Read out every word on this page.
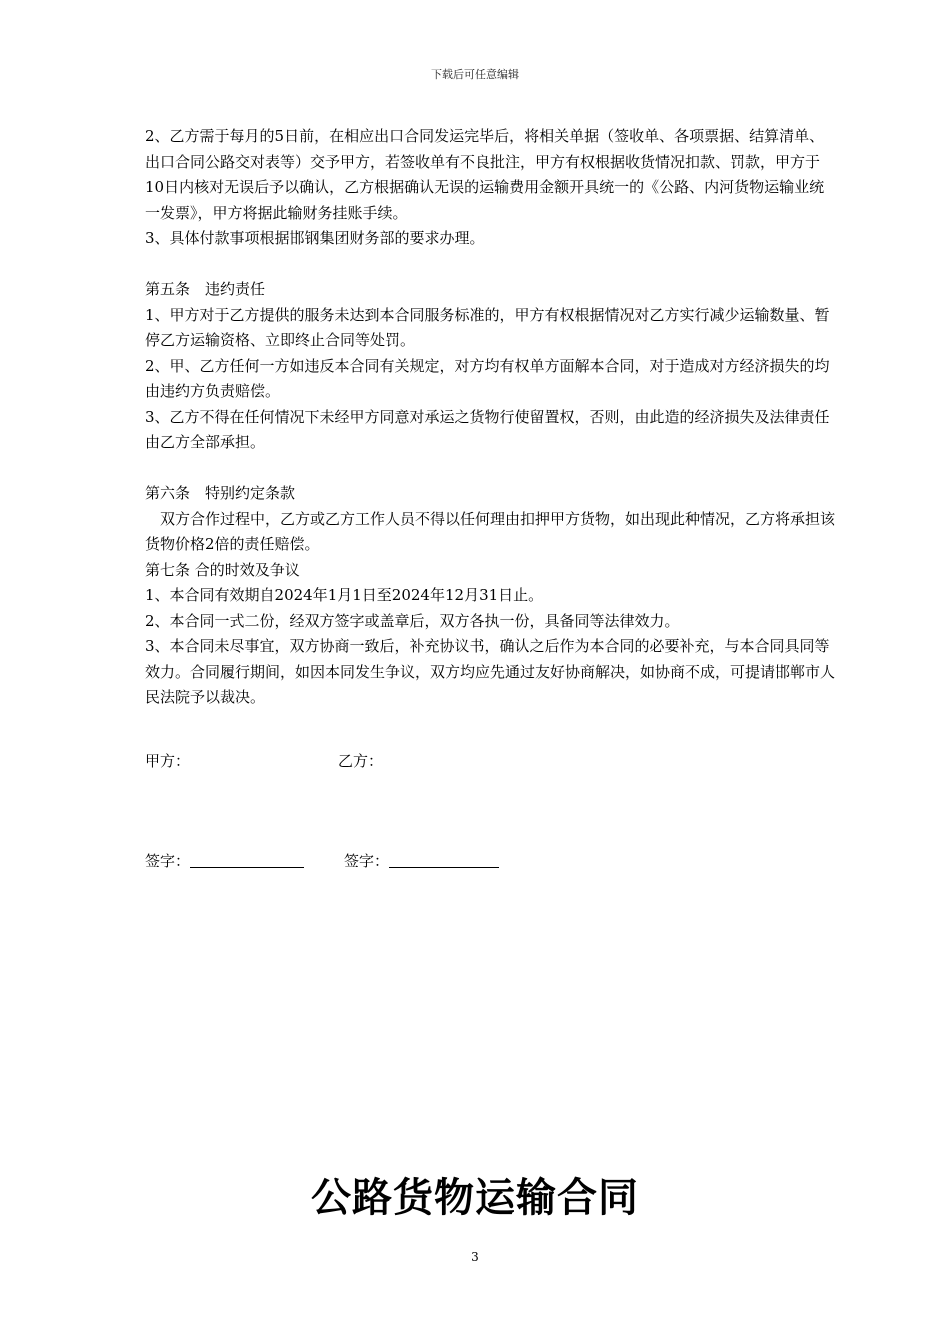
下载后可任意编辑

2、乙方需于每月的5日前，在相应出口合同发运完毕后，将相关单据（签收单、各项票据、结算清单、出口合同公路交对表等）交予甲方，若签收单有不良批注，甲方有权根据收货情况扣款、罚款，甲方于10日内核对无误后予以确认，乙方根据确认无误的运输费用金额开具统一的《公路、内河货物运输业统一发票》，甲方将据此输财务挂账手续。

3、具体付款事项根据邯钢集团财务部的要求办理。

第五条　违约责任

1、甲方对于乙方提供的服务未达到本合同服务标准的，甲方有权根据情况对乙方实行减少运输数量、暂停乙方运输资格、立即终止合同等处罚。

2、甲、乙方任何一方如违反本合同有关规定，对方均有权单方面解本合同，对于造成对方经济损失的均由违约方负责赔偿。

3、乙方不得在任何情况下未经甲方同意对承运之货物行使留置权，否则，由此造的经济损失及法律责任由乙方全部承担。

第六条　特别约定条款

双方合作过程中，乙方或乙方工作人员不得以任何理由扣押甲方货物，如出现此种情况，乙方将承担该货物价格2倍的责任赔偿。

第七条 合的时效及争议

1、本合同有效期自2024年1月1日至2024年12月31日止。

2、本合同一式二份，经双方签字或盖章后，双方各执一份，具备同等法律效力。

3、本合同未尽事宜，双方协商一致后，补充协议书，确认之后作为本合同的必要补充，与本合同具同等效力。合同履行期间，如因本同发生争议，双方均应先通过友好协商解决，如协商不成，可提请邯郸市人民法院予以裁决。

甲方：	乙方：
签字：	签字：
公路货物运输合同
3
